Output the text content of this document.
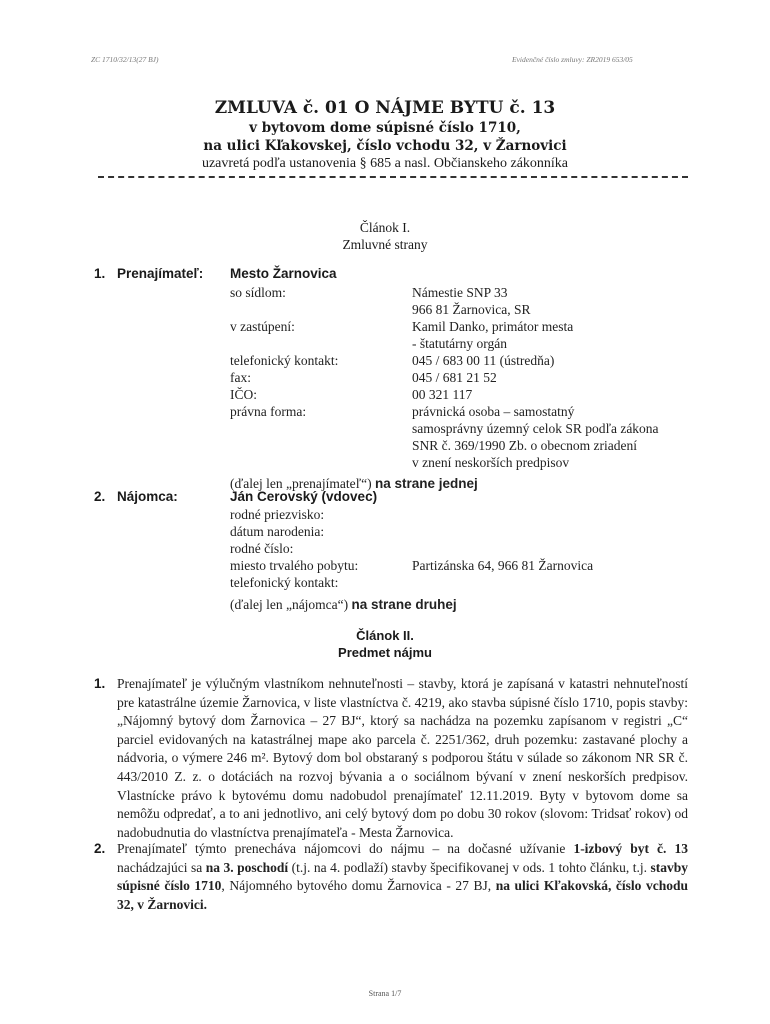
ZC 1710/32/13(27 BJ)	Evidenčné číslo zmluvy: ZR2019 653/05
ZMLUVA č. 01 O NÁJME BYTU č. 13
v bytovom dome súpisné číslo 1710,
na ulici Kľakovskej, číslo vchodu 32, v Žarnovici
uzavretá podľa ustanovenia § 685 a nasl. Občianskeho zákonníka
Článok I.
Zmluvné strany
1. Prenajímateľ: Mesto Žarnovica
so sídlom:	Námestie SNP 33
966 81 Žarnovica, SR
v zastúpení:	Kamil Danko, primátor mesta
- štatutárny orgán
telefonický kontakt:	045 / 683 00 11 (ústredňa)
fax:	045 / 681 21 52
IČO:	00 321 117
právna forma:	právnická osoba – samostatný
samosprávny územný celok SR podľa zákona
SNR č. 369/1990 Zb. o obecnom zriadení
v znení neskorších predpisov
(ďalej len „prenajímateľ“) na strane jednej
2. Nájomca:	Ján Cerovský (vdovec)
rodné priezvisko:
dátum narodenia:
rodné číslo:
miesto trvalého pobytu:	Partizánska 64, 966 81 Žarnovica
telefonický kontakt:
(ďalej len „nájomca“) na strane druhej
Článok II.
Predmet nájmu
1. Prenajímateľ je výlučným vlastníkom nehnuteľnosti – stavby, ktorá je zapísaná v katastri nehnuteľností pre katastrálne územie Žarnovica, v liste vlastníctva č. 4219, ako stavba súpisné číslo 1710, popis stavby: „Nájomný bytový dom Žarnovica – 27 BJ“, ktorý sa nachádza na pozemku zapísanom v registri „C“ parciel evidovaných na katastrálnej mape ako parcela č. 2251/362, druh pozemku: zastavané plochy a nádvoria, o výmere 246 m². Bytový dom bol obstaraný s podporou štátu v súlade so zákonom NR SR č. 443/2010 Z. z. o dotáciách na rozvoj bývania a o sociálnom bývaní v znení neskorších predpisov. Vlastnícke právo k bytovému domu nadobudol prenajímateľ 12.11.2019. Byty v bytovom dome sa nemôžu odpredať, a to ani jednotlivo, ani celý bytový dom po dobu 30 rokov (slovom: Tridsať rokov) od nadobudnutia do vlastníctva prenajímateľa - Mesta Žarnovica.
2. Prenajímateľ týmto prenecháva nájomcovi do nájmu – na dočasné užívanie 1-izbový byt č. 13 nachádzajúci sa na 3. poschodí (t.j. na 4. podlaží) stavby špecifikovanej v ods. 1 tohto článku, t.j. stavby súpisné číslo 1710, Nájomného bytového domu Žarnovica - 27 BJ, na ulici Kľakovská, číslo vchodu 32, v Žarnovici.
Strana 1/7
